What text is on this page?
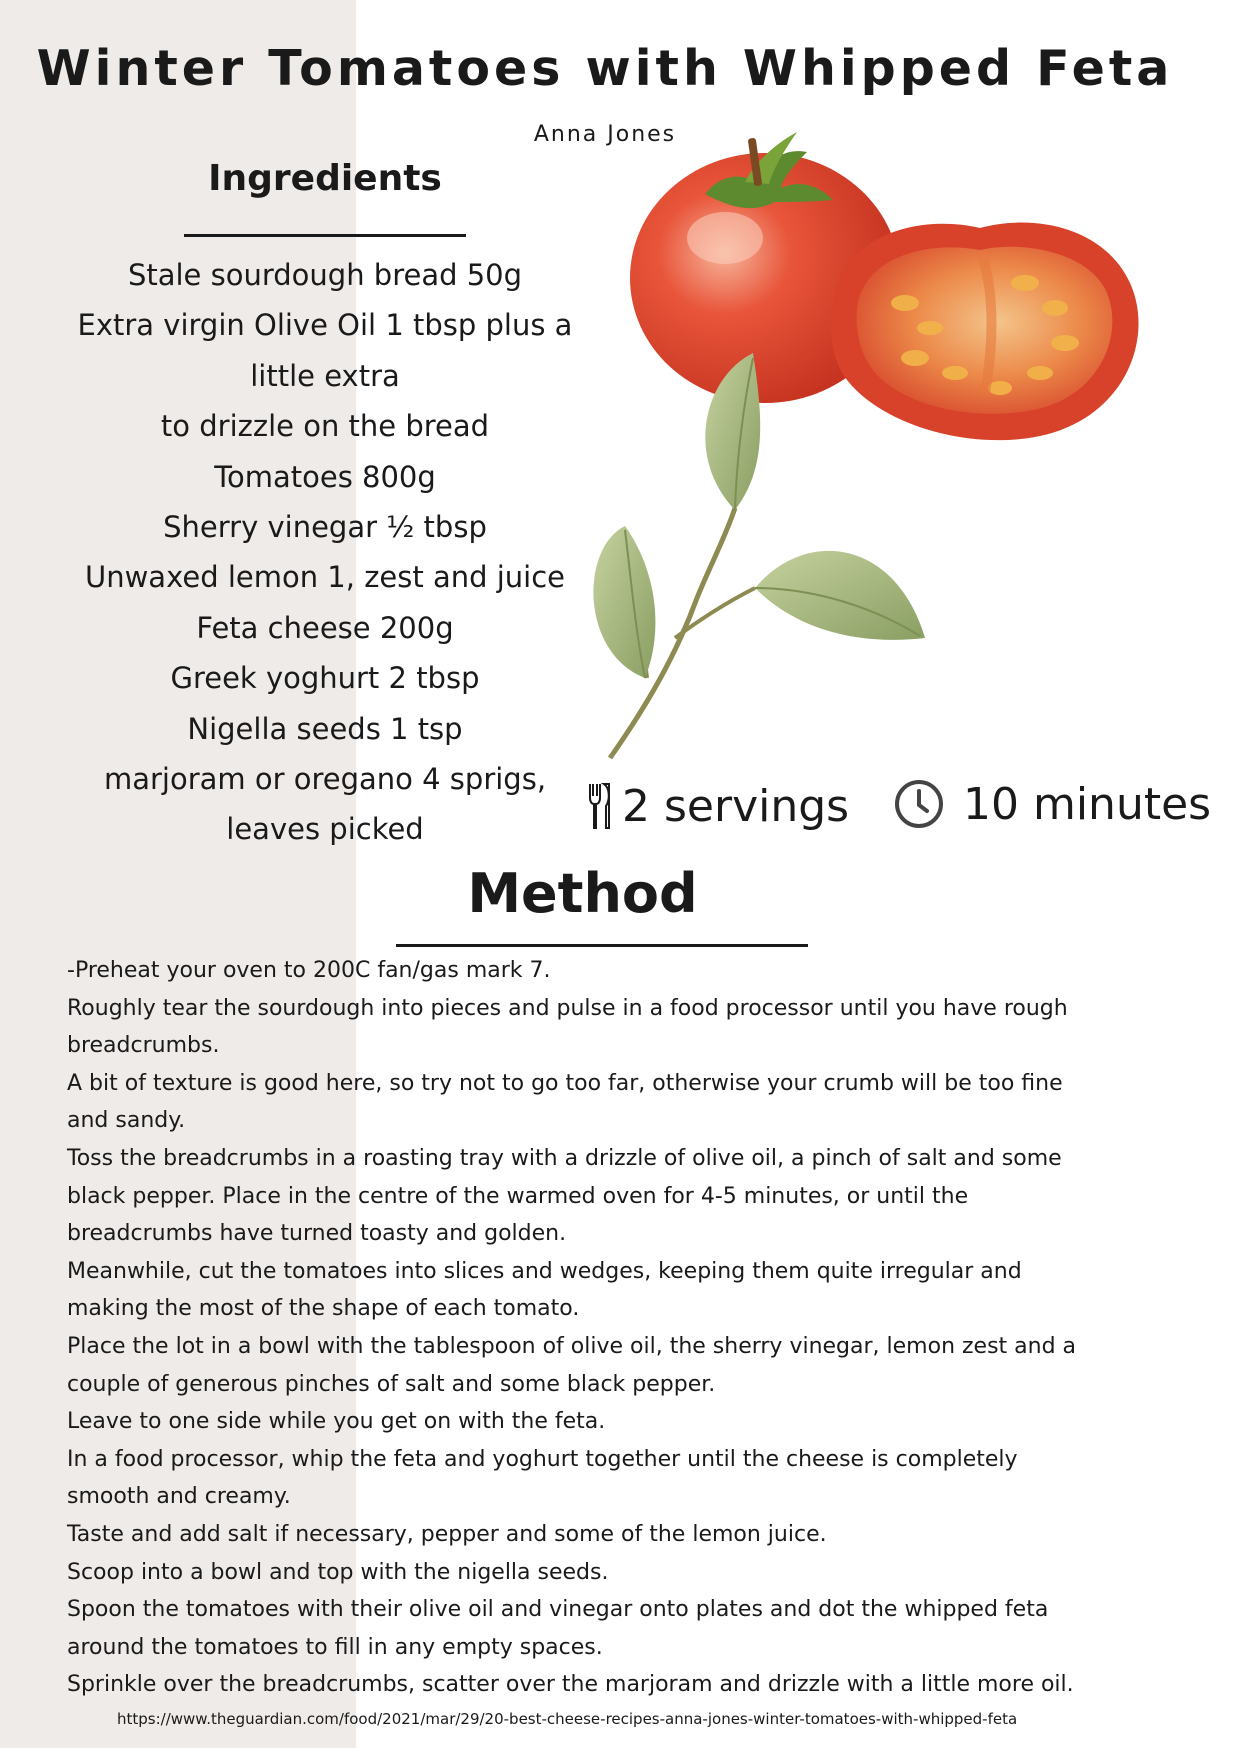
Winter Tomatoes with Whipped Feta
Anna Jones
Ingredients
Stale sourdough bread 50g
Extra virgin Olive Oil 1 tbsp plus a
little extra
to drizzle on the bread
Tomatoes 800g
Sherry vinegar ½ tbsp
Unwaxed lemon 1, zest and juice
Feta cheese 200g
Greek yoghurt 2 tbsp
Nigella seeds 1 tsp
marjoram or oregano 4 sprigs,
leaves picked	2 servings	10 minutes
Method
-Preheat your oven to 200C fan/gas mark 7.
Roughly tear the sourdough into pieces and pulse in a food processor until you have rough
breadcrumbs.
A bit of texture is good here, so try not to go too far, otherwise your crumb will be too fine
and sandy.
Toss the breadcrumbs in a roasting tray with a drizzle of olive oil, a pinch of salt and some
black pepper. Place in the centre of the warmed oven for 4-5 minutes, or until the
breadcrumbs have turned toasty and golden.
Meanwhile, cut the tomatoes into slices and wedges, keeping them quite irregular and
making the most of the shape of each tomato.
Place the lot in a bowl with the tablespoon of olive oil, the sherry vinegar, lemon zest and a
couple of generous pinches of salt and some black pepper.
Leave to one side while you get on with the feta.
In a food processor, whip the feta and yoghurt together until the cheese is completely
smooth and creamy.
Taste and add salt if necessary, pepper and some of the lemon juice.
Scoop into a bowl and top with the nigella seeds.
Spoon the tomatoes with their olive oil and vinegar onto plates and dot the whipped feta
around the tomatoes to fill in any empty spaces.
Sprinkle over the breadcrumbs, scatter over the marjoram and drizzle with a little more oil.
https://www.theguardian.com/food/2021/mar/29/20-best-cheese-recipes-anna-jones-winter-tomatoes-with-whipped-feta
